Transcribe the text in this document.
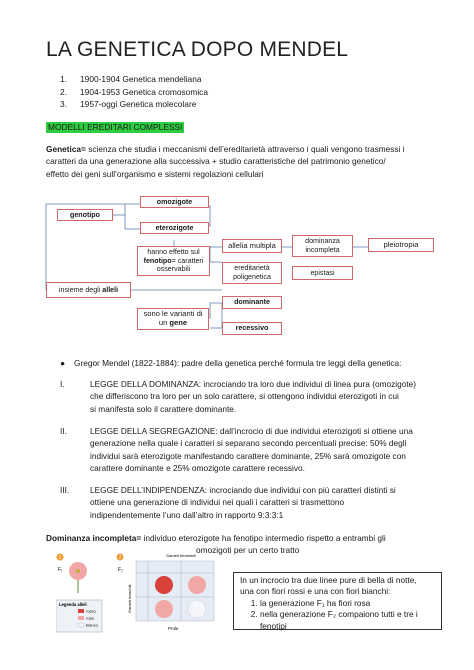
LA GENETICA DOPO MENDEL
1. 1900-1904 Genetica mendeliana
2. 1904-1953 Genetica cromosomica
3. 1957-oggi Genetica molecolare
MODELLI EREDITARI COMPLESSI
Genetica= scienza che studia i meccanismi dell’ereditarietà attraverso i quali vengono trasmessi i
caratteri da una generazione alla successiva + studio caratteristiche del patrimonio genetico/
effetto dei geni sull’organismo e sistemi regolazioni cellulari
omozigote
genotipo
eterozigote
hanno effetto sul
fenotipo= caratteri
osservabili
allelia multipla	dominanza
incompleta
pleiotropia
ereditarietà
poligenetica
epistasi
insieme degli alleli
dominante
sono le varianti di
un gene
recessivo
● Gregor Mendel (1822-1884): padre della genetica perché formula tre leggi della genetica:
I.	LEGGE DELLA DOMINANZA: incrociando tra loro due individui di linea pura (omozigote)
che differiscono tra loro per un solo carattere, si ottengono individui eterozigoti in cui
si manifesta solo il carattere dominante.
II.	LEGGE DELLA SEGREGAZIONE: dall’incrocio di due individui eterozigoti si ottiene una
generazione nella quale i caratteri si separano secondo percentuali precise: 50% degli
individui sarà eterozigote manifestando carattere dominante, 25% sarà omozigote con
carattere dominante e 25% omozigote carattere recessivo.
III.	LEGGE DELL’INDIPENDENZA: incrociando due individui con più caratteri distinti si
ottiene una generazione di individui nei quali i caratteri si trasmettono
indipendentemente l’uno dall’altro in rapporto 9:3:3:1
Dominanza incompleta= individuo eterozigote ha fenotipo intermedio rispetto a entrambi gli
omozigoti per un certo tratto
1
F₁
Legenda alleli
rosso
rosa
bianco
2
F₂
Gameti femminili
Gameti maschili
Prole
In un incrocio tra due linee pure di bella di notte,
una con fiori rossi e una con fiori bianchi:
1. la generazione F₁ ha fiori rosa
2. nella generazione F₂ compaiono tutti e tre i
fenotipi
